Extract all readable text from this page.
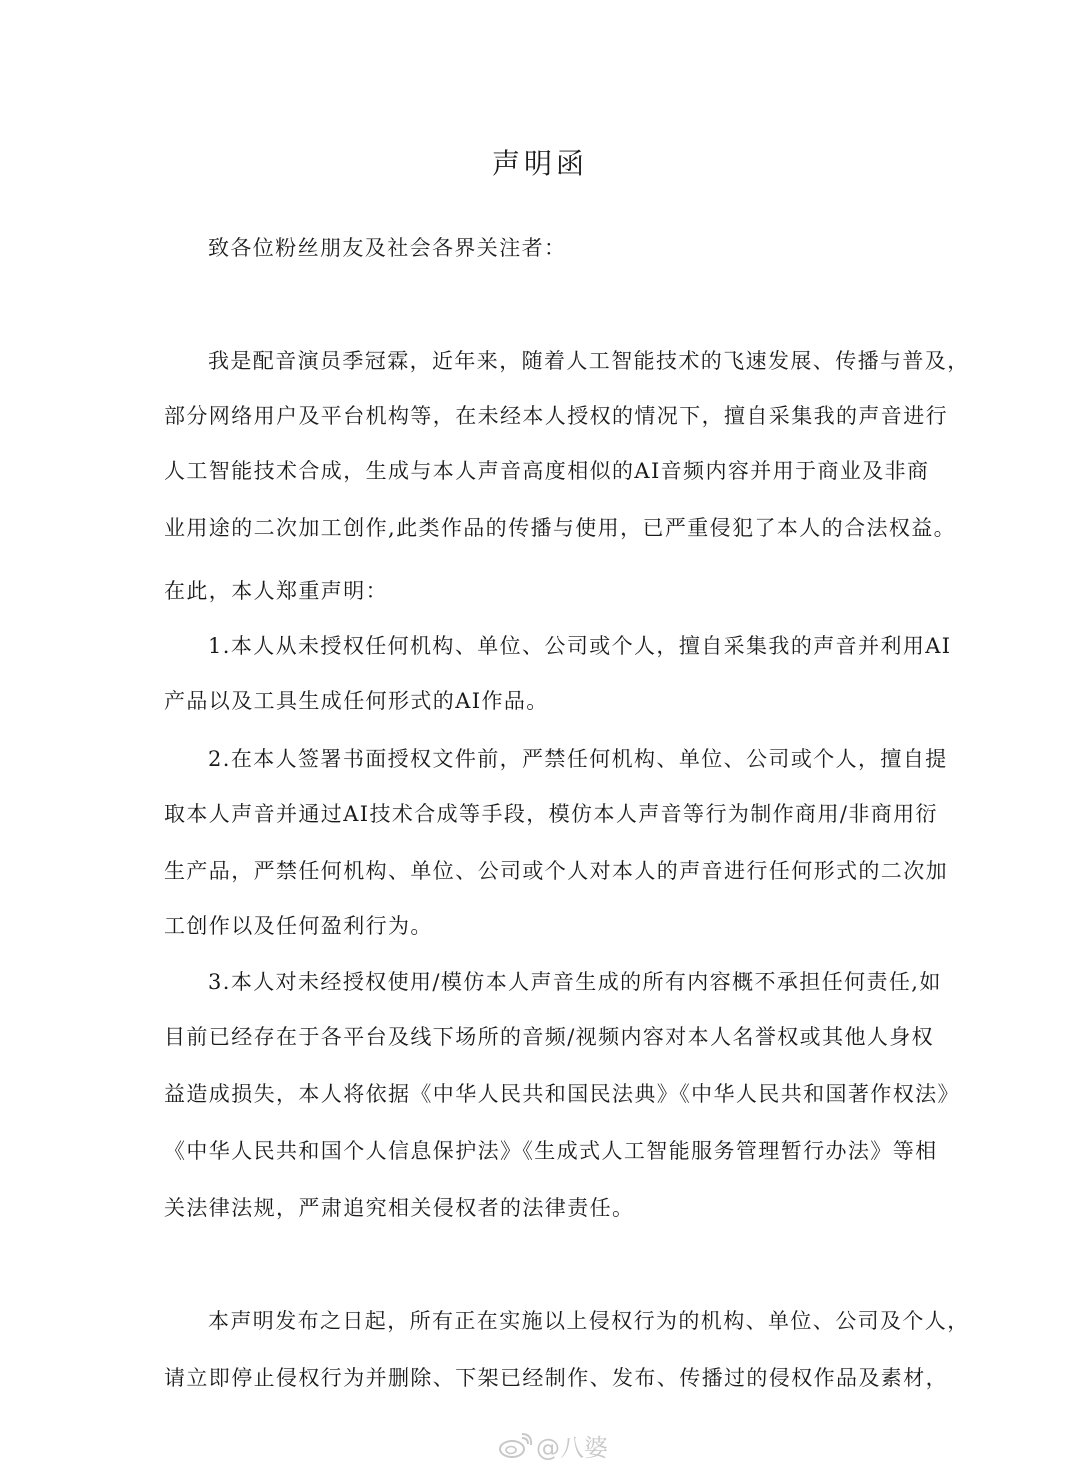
声明函
致各位粉丝朋友及社会各界关注者：
我是配音演员季冠霖，近年来，随着人工智能技术的飞速发展、传播与普及，
部分网络用户及平台机构等，在未经本人授权的情况下，擅自采集我的声音进行
人工智能技术合成，生成与本人声音高度相似的AI音频内容并用于商业及非商
业用途的二次加工创作,此类作品的传播与使用，已严重侵犯了本人的合法权益。
在此，本人郑重声明：
1.本人从未授权任何机构、单位、公司或个人，擅自采集我的声音并利用AI
产品以及工具生成任何形式的AI作品。
2.在本人签署书面授权文件前，严禁任何机构、单位、公司或个人，擅自提
取本人声音并通过AI技术合成等手段，模仿本人声音等行为制作商用/非商用衍
生产品，严禁任何机构、单位、公司或个人对本人的声音进行任何形式的二次加
工创作以及任何盈利行为。
3.本人对未经授权使用/模仿本人声音生成的所有内容概不承担任何责任,如
目前已经存在于各平台及线下场所的音频/视频内容对本人名誉权或其他人身权
益造成损失，本人将依据《中华人民共和国民法典》《中华人民共和国著作权法》
《中华人民共和国个人信息保护法》《生成式人工智能服务管理暂行办法》等相
关法律法规，严肃追究相关侵权者的法律责任。
本声明发布之日起，所有正在实施以上侵权行为的机构、单位、公司及个人，
请立即停止侵权行为并删除、下架已经制作、发布、传播过的侵权作品及素材，
@八婆
